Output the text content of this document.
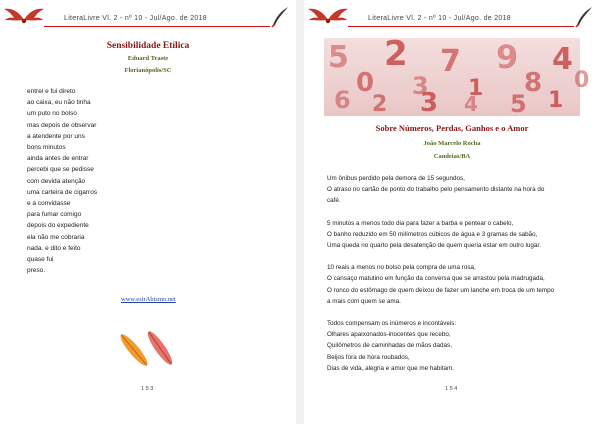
LiteraLivre Vl. 2 - nº 10 - Jul/Ago. de 2018
Sensibilidade Etílica
Eduard Traste
Florianópolis/SC
entrei e fui direto
ao caixa, eu não tinha
um puto no bolso
mas depois de observar
a atendente por uns
bons minutos
ainda antes de entrar
percebi que se pedisse
com devida atenção
uma carteira de cigarros
e a convidasse
para fumar comigo
depois do expediente
ela não me cobraria
nada. e dito e feito
quase fui
preso.
www.estrAbismo.net
153
LiteraLivre Vl. 2 - nº 10 - Jul/Ago. de 2018
5
0
2
3
7
1
9
8
4
6 2 3 4 5 1
0
Sobre Números, Perdas, Ganhos e o Amor
João Marcelo Rocha
Candeias/BA
Um ônibus perdido pela demora de 15 segundos,
O atraso no cartão de ponto do trabalho pelo pensamento distante na hora do
café.
5 minutos a menos todo dia para fazer a barba e pentear o cabelo,
O banho reduzido em 50 milímetros cúbicos de água e 3 gramas de sabão,
Uma queda no quarto pela desatenção de quem queria estar em outro lugar.
10 reais a menos no bolso pela compra de uma rosa,
O cansaço matutino em função da conversa que se arrastou pela madrugada,
O ronco do estômago de quem deixou de fazer um lanche em troca de um tempo
a mais com quem se ama.
Todos compensam os inúmeros e incontáveis:
Olhares apaixonados-inocentes que recebo,
Quilômetros de caminhadas de mãos dadas,
Beijos fora de hora roubados,
Dias de vida, alegria e amor que me habitam.
154
